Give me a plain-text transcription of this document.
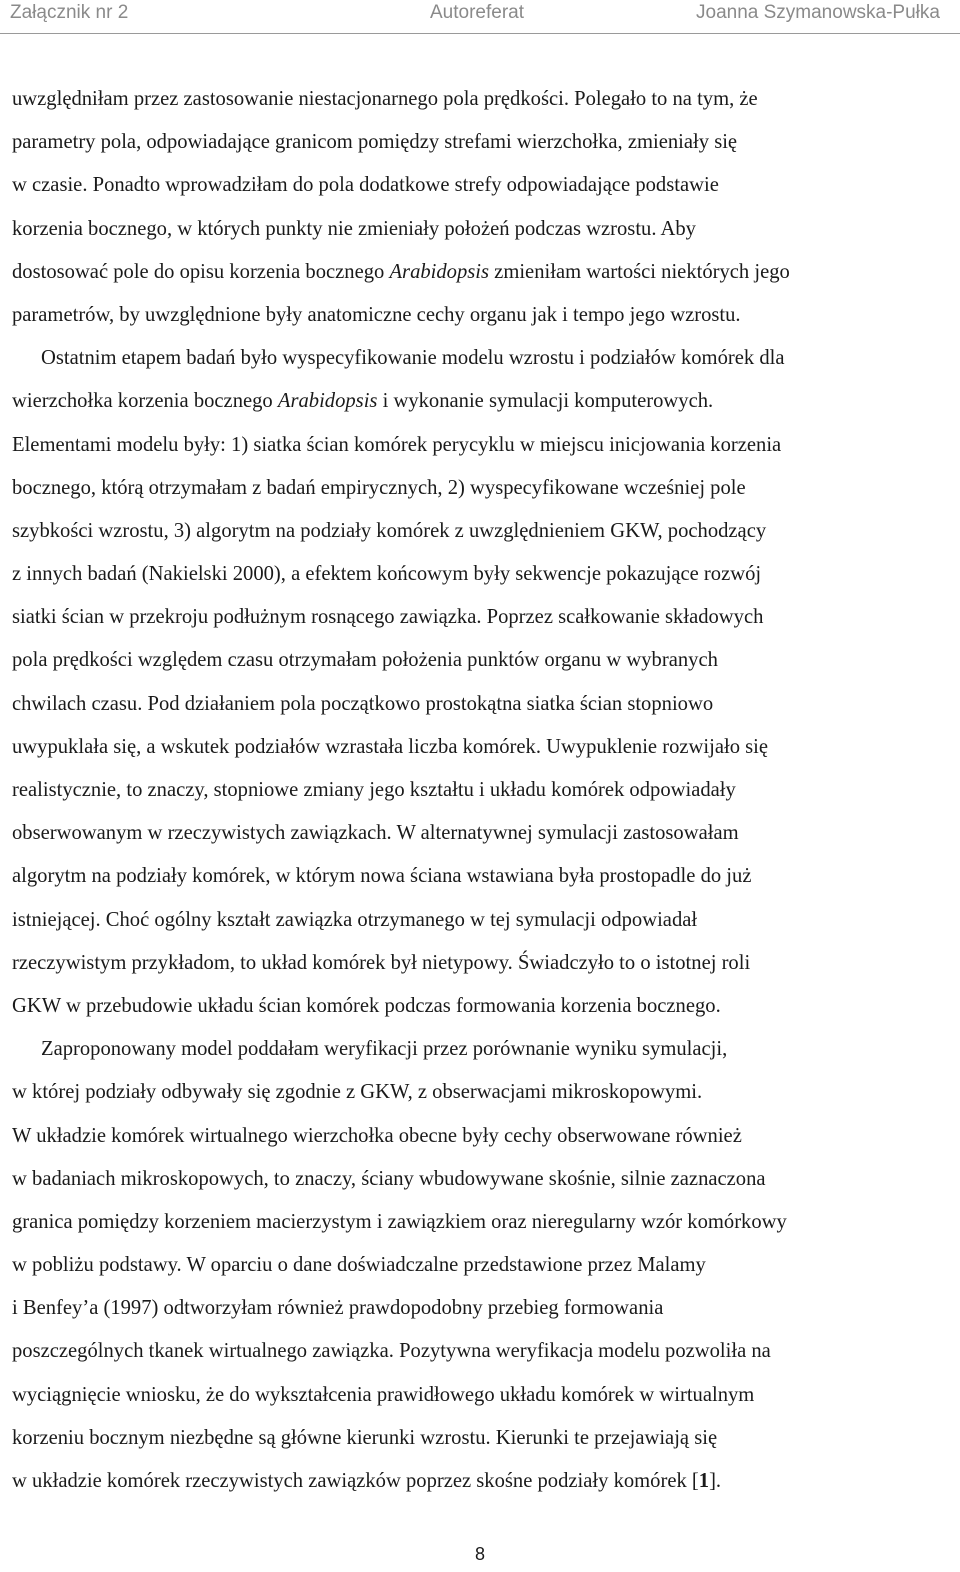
Załącznik nr 2	Autoreferat	Joanna Szymanowska-Pułka
uwzględniłam przez zastosowanie niestacjonarnego pola prędkości. Polegało to na tym, że
parametry pola, odpowiadające granicom pomiędzy strefami wierzchołka, zmieniały się
w czasie. Ponadto wprowadziłam do pola dodatkowe strefy odpowiadające podstawie
korzenia bocznego, w których punkty nie zmieniały położeń podczas wzrostu. Aby
dostosować pole do opisu korzenia bocznego Arabidopsis zmieniłam wartości niektórych jego
parametrów, by uwzględnione były anatomiczne cechy organu jak i tempo jego wzrostu.
Ostatnim etapem badań było wyspecyfikowanie modelu wzrostu i podziałów komórek dla
wierzchołka korzenia bocznego Arabidopsis i wykonanie symulacji komputerowych.
Elementami modelu były: 1) siatka ścian komórek perycyklu w miejscu inicjowania korzenia
bocznego, którą otrzymałam z badań empirycznych, 2) wyspecyfikowane wcześniej pole
szybkości wzrostu, 3) algorytm na podziały komórek z uwzględnieniem GKW, pochodzący
z innych badań (Nakielski 2000), a efektem końcowym były sekwencje pokazujące rozwój
siatki ścian w przekroju podłużnym rosnącego zawiązka. Poprzez scałkowanie składowych
pola prędkości względem czasu otrzymałam położenia punktów organu w wybranych
chwilach czasu. Pod działaniem pola początkowo prostokątna siatka ścian stopniowo
uwypuklała się, a wskutek podziałów wzrastała liczba komórek. Uwypuklenie rozwijało się
realistycznie, to znaczy, stopniowe zmiany jego kształtu i układu komórek odpowiadały
obserwowanym w rzeczywistych zawiązkach. W alternatywnej symulacji zastosowałam
algorytm na podziały komórek, w którym nowa ściana wstawiana była prostopadle do już
istniejącej. Choć ogólny kształt zawiązka otrzymanego w tej symulacji odpowiadał
rzeczywistym przykładom, to układ komórek był nietypowy. Świadczyło to o istotnej roli
GKW w przebudowie układu ścian komórek podczas formowania korzenia bocznego.
Zaproponowany model poddałam weryfikacji przez porównanie wyniku symulacji,
w której podziały odbywały się zgodnie z GKW, z obserwacjami mikroskopowymi.
W układzie komórek wirtualnego wierzchołka obecne były cechy obserwowane również
w badaniach mikroskopowych, to znaczy, ściany wbudowywane skośnie, silnie zaznaczona
granica pomiędzy korzeniem macierzystym i zawiązkiem oraz nieregularny wzór komórkowy
w pobliżu podstawy. W oparciu o dane doświadczalne przedstawione przez Malamy
i Benfey’a (1997) odtworzyłam również prawdopodobny przebieg formowania
poszczególnych tkanek wirtualnego zawiązka. Pozytywna weryfikacja modelu pozwoliła na
wyciągnięcie wniosku, że do wykształcenia prawidłowego układu komórek w wirtualnym
korzeniu bocznym niezbędne są główne kierunki wzrostu. Kierunki te przejawiają się
w układzie komórek rzeczywistych zawiązków poprzez skośne podziały komórek [1].
8
